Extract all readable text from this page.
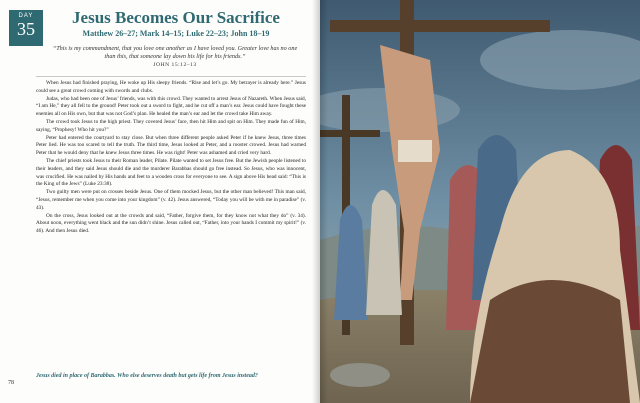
DAY
35
Jesus Becomes Our Sacrifice
Matthew 26–27; Mark 14–15; Luke 22–23; John 18–19
“This is my commandment, that you love one another as I have loved you. Greater love has no one than this, that someone lay down his life for his friends.”
JOHN 15:12–13

When Jesus had finished praying, He woke up His sleepy friends. “Rise and let’s go. My betrayer is already here.” Jesus could see a great crowd coming with swords and clubs.

Judas, who had been one of Jesus’ friends, was with this crowd. They wanted to arrest Jesus of Nazareth. When Jesus said, “I am He,” they all fell to the ground! Peter took out a sword to fight, and he cut off a man’s ear. Jesus could have fought these enemies all on His own, but that was not God’s plan. He healed the man’s ear and let the crowd take Him away.

The crowd took Jesus to the high priest. They covered Jesus’ face, then hit Him and spit on Him. They made fun of Him, saying, “Prophesy! Who hit you?”

Peter had entered the courtyard to stay close. But when three different people asked Peter if he knew Jesus, three times Peter lied. He was too scared to tell the truth. The third time, Jesus looked at Peter, and a rooster crowed. Jesus had warned Peter that he would deny that he knew Jesus three times. He was right! Peter was ashamed and cried very hard.

The chief priests took Jesus to their Roman leader, Pilate. Pilate wanted to set Jesus free. But the Jewish people listened to their leaders, and they said Jesus should die and the murderer Barabbas should go free instead. So Jesus, who was innocent, was crucified. He was nailed by His hands and feet to a wooden cross for everyone to see. A sign above His head said: “This is the King of the Jews” (Luke 23:38).

Two guilty men were put on crosses beside Jesus. One of them mocked Jesus, but the other man believed! This man said, “Jesus, remember me when you come into your kingdom” (v. 42). Jesus answered, “Today you will be with me in paradise” (v. 43).

On the cross, Jesus looked out at the crowds and said, “Father, forgive them, for they know not what they do” (v. 34). About noon, everything went black and the sun didn’t shine. Jesus called out, “Father, into your hands I commit my spirit!” (v. 46). And then Jesus died.

Jesus died in place of Barabbas. Who else deserves death but gets life from Jesus instead?
78
